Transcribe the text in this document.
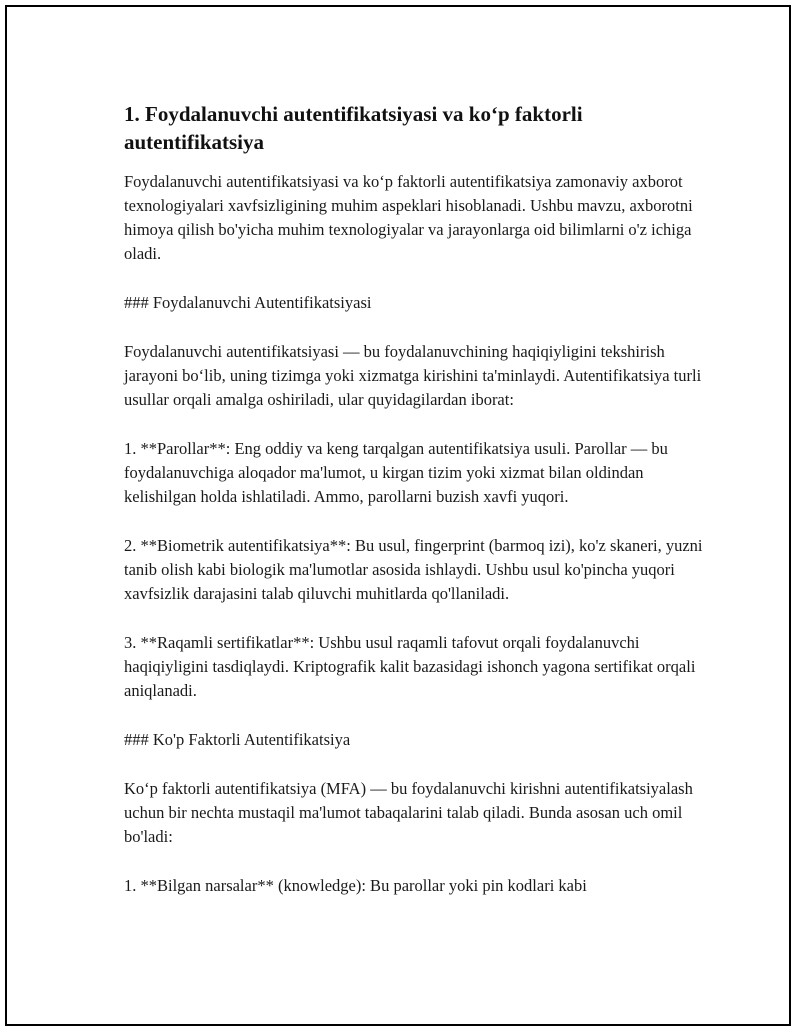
1. Foydalanuvchi autentifikatsiyasi va ko‘p faktorli autentifikatsiya

Foydalanuvchi autentifikatsiyasi va ko‘p faktorli autentifikatsiya zamonaviy axborot texnologiyalari xavfsizligining muhim aspeklari hisoblanadi. Ushbu mavzu, axborotni himoya qilish bo'yicha muhim texnologiyalar va jarayonlarga oid bilimlarni o'z ichiga oladi.

### Foydalanuvchi Autentifikatsiyasi

Foydalanuvchi autentifikatsiyasi — bu foydalanuvchining haqiqiyligini tekshirish jarayoni bo‘lib, uning tizimga yoki xizmatga kirishini ta'minlaydi. Autentifikatsiya turli usullar orqali amalga oshiriladi, ular quyidagilardan iborat:

1. **Parollar**: Eng oddiy va keng tarqalgan autentifikatsiya usuli. Parollar — bu foydalanuvchiga aloqador ma'lumot, u kirgan tizim yoki xizmat bilan oldindan kelishilgan holda ishlatiladi. Ammo, parollarni buzish xavfi yuqori.

2. **Biometrik autentifikatsiya**: Bu usul, fingerprint (barmoq izi), ko'z skaneri, yuzni tanib olish kabi biologik ma'lumotlar asosida ishlaydi. Ushbu usul ko'pincha yuqori xavfsizlik darajasini talab qiluvchi muhitlarda qo'llaniladi.

3. **Raqamli sertifikatlar**: Ushbu usul raqamli tafovut orqali foydalanuvchi haqiqiyligini tasdiqlaydi. Kriptografik kalit bazasidagi ishonch yagona sertifikat orqali aniqlanadi.

### Ko'p Faktorli Autentifikatsiya

Ko‘p faktorli autentifikatsiya (MFA) — bu foydalanuvchi kirishni autentifikatsiyalash uchun bir nechta mustaqil ma'lumot tabaqalarini talab qiladi. Bunda asosan uch omil bo'ladi:

1. **Bilgan narsalar** (knowledge): Bu parollar yoki pin kodlari kabi
